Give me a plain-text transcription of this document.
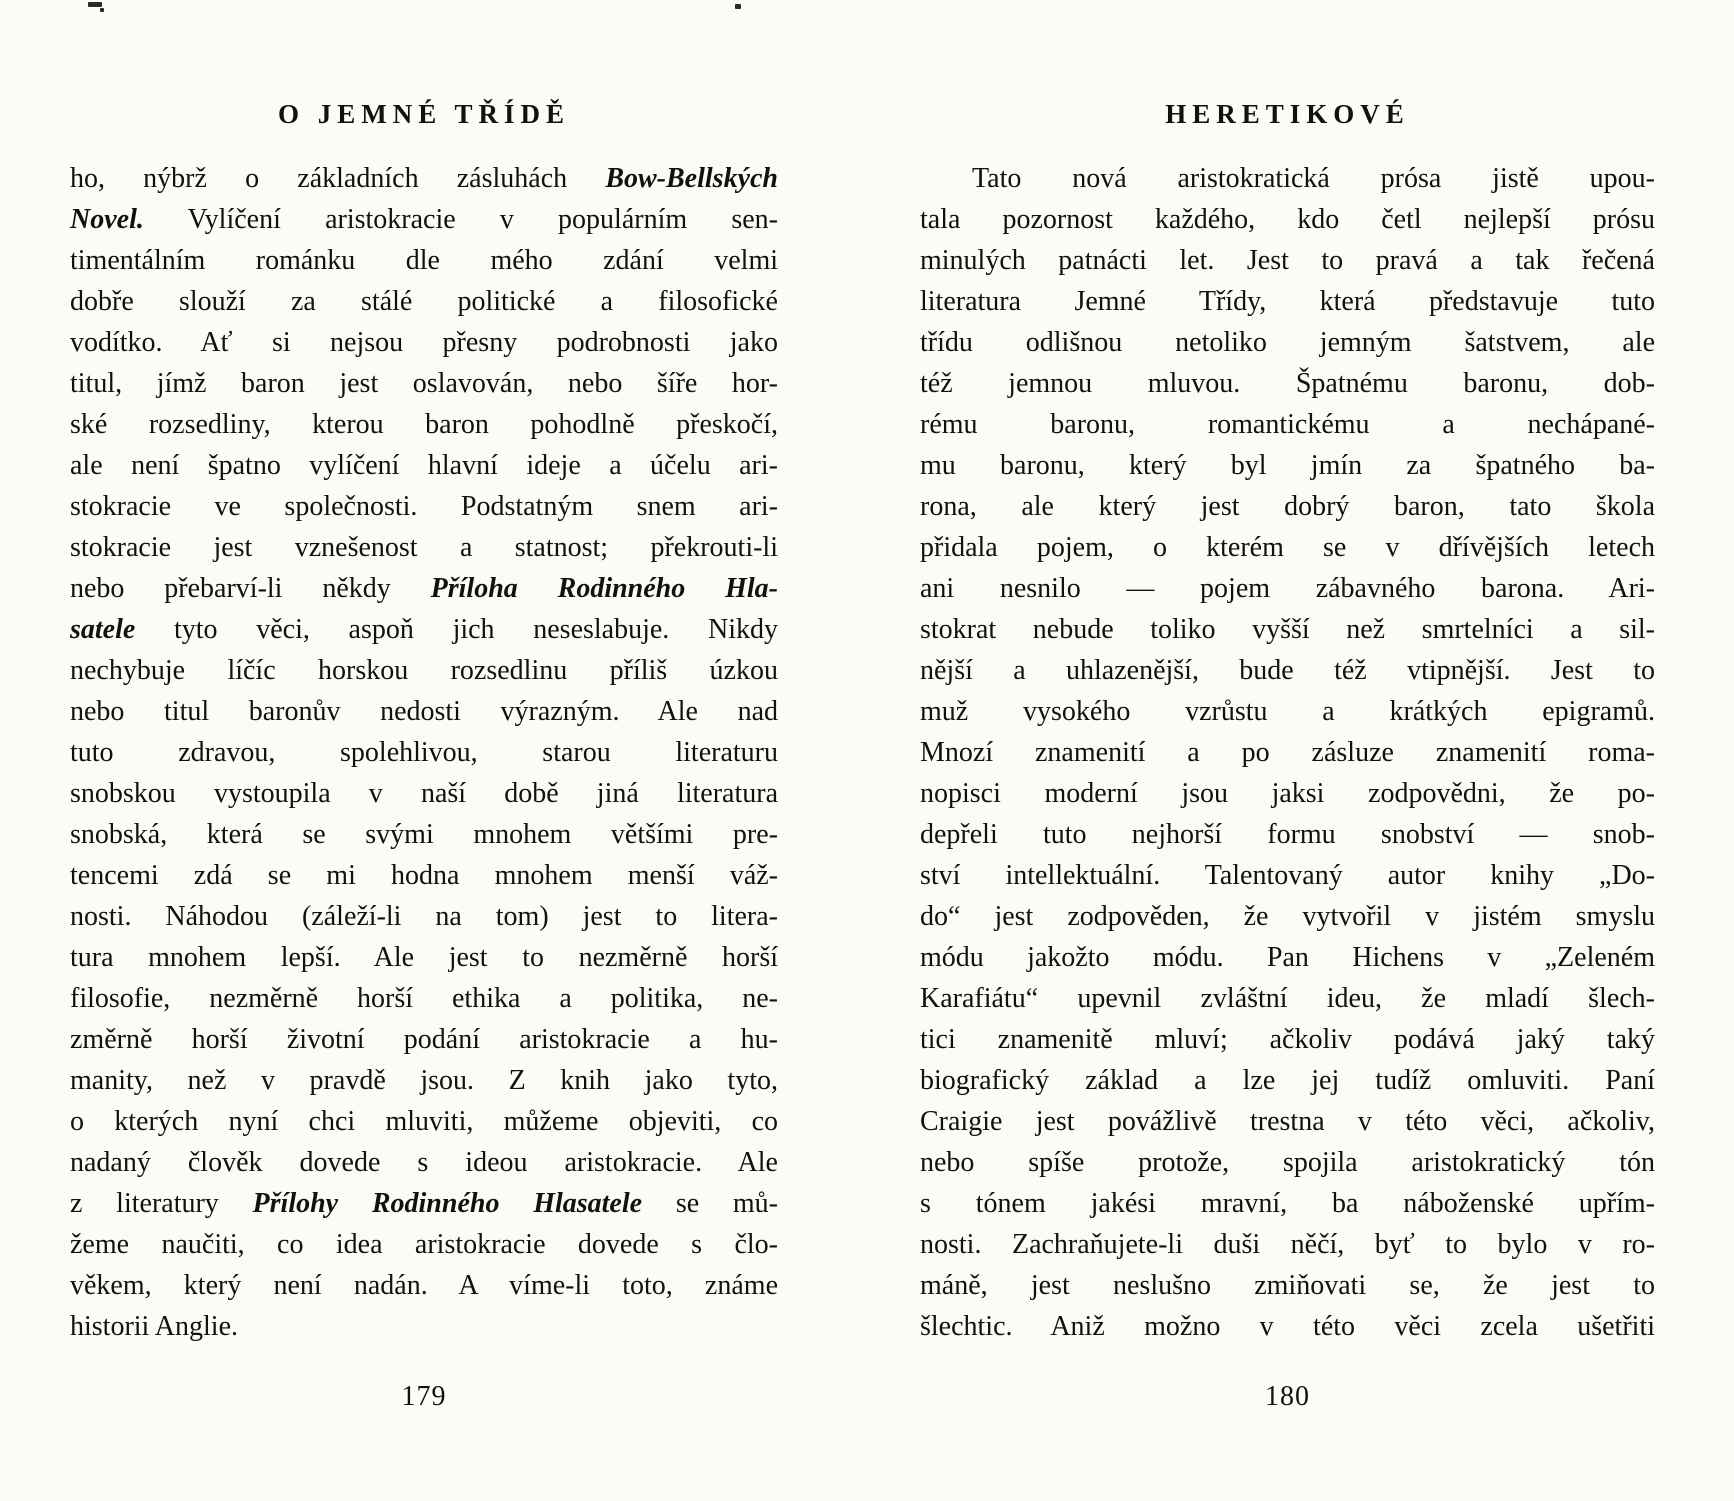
O JEMNÉ TŘÍDĚ
ho, nýbrž o základních zásluhách Bow-Bellských
Novel. Vylíčení aristokracie v populárním sen-
timentálním románku dle mého zdání velmi
dobře slouží za stálé politické a filosofické
vodítko. Ať si nejsou přesny podrobnosti jako
titul, jímž baron jest oslavován, nebo šíře hor-
ské rozsedliny, kterou baron pohodlně přeskočí,
ale není špatno vylíčení hlavní ideje a účelu ari-
stokracie ve společnosti. Podstatným snem ari-
stokracie jest vznešenost a statnost; překrouti-li
nebo přebarví-li někdy Příloha Rodinného Hla-
satele tyto věci, aspoň jich neseslabuje. Nikdy
nechybuje líčíc horskou rozsedlinu příliš úzkou
nebo titul baronův nedosti výrazným. Ale nad
tuto zdravou, spolehlivou, starou literaturu
snobskou vystoupila v naší době jiná literatura
snobská, která se svými mnohem většími pre-
tencemi zdá se mi hodna mnohem menší váž-
nosti. Náhodou (záleží-li na tom) jest to litera-
tura mnohem lepší. Ale jest to nezměrně horší
filosofie, nezměrně horší ethika a politika, ne-
změrně horší životní podání aristokracie a hu-
manity, než v pravdě jsou. Z knih jako tyto,
o kterých nyní chci mluviti, můžeme objeviti, co
nadaný člověk dovede s ideou aristokracie. Ale
z literatury Přílohy Rodinného Hlasatele se mů-
žeme naučiti, co idea aristokracie dovede s člo-
věkem, který není nadán. A víme-li toto, známe
historii Anglie.
179
HERETIKOVÉ
Tato nová aristokratická prósa jistě upou-
tala pozornost každého, kdo četl nejlepší prósu
minulých patnácti let. Jest to pravá a tak řečená
literatura Jemné Třídy, která představuje tuto
třídu odlišnou netoliko jemným šatstvem, ale
též jemnou mluvou. Špatnému baronu, dob-
rému baronu, romantickému a nechápané-
mu baronu, který byl jmín za špatného ba-
rona, ale který jest dobrý baron, tato škola
přidala pojem, o kterém se v dřívějších letech
ani nesnilo — pojem zábavného barona. Ari-
stokrat nebude toliko vyšší než smrtelníci a sil-
nější a uhlazenější, bude též vtipnější. Jest to
muž vysokého vzrůstu a krátkých epigramů.
Mnozí znamenití a po zásluze znamenití roma-
nopisci moderní jsou jaksi zodpovědni, že po-
depřeli tuto nejhorší formu snobství — snob-
ství intellektuální. Talentovaný autor knihy „Do-
do“ jest zodpověden, že vytvořil v jistém smyslu
módu jakožto módu. Pan Hichens v „Zeleném
Karafiátu“ upevnil zvláštní ideu, že mladí šlech-
tici znamenitě mluví; ačkoliv podává jaký taký
biografický základ a lze jej tudíž omluviti. Paní
Craigie jest povážlivě trestna v této věci, ačkoliv,
nebo spíše protože, spojila aristokratický tón
s tónem jakési mravní, ba náboženské upřím-
nosti. Zachraňujete-li duši něčí, byť to bylo v ro-
máně, jest neslušno zmiňovati se, že jest to
šlechtic. Aniž možno v této věci zcela ušetřiti
180
